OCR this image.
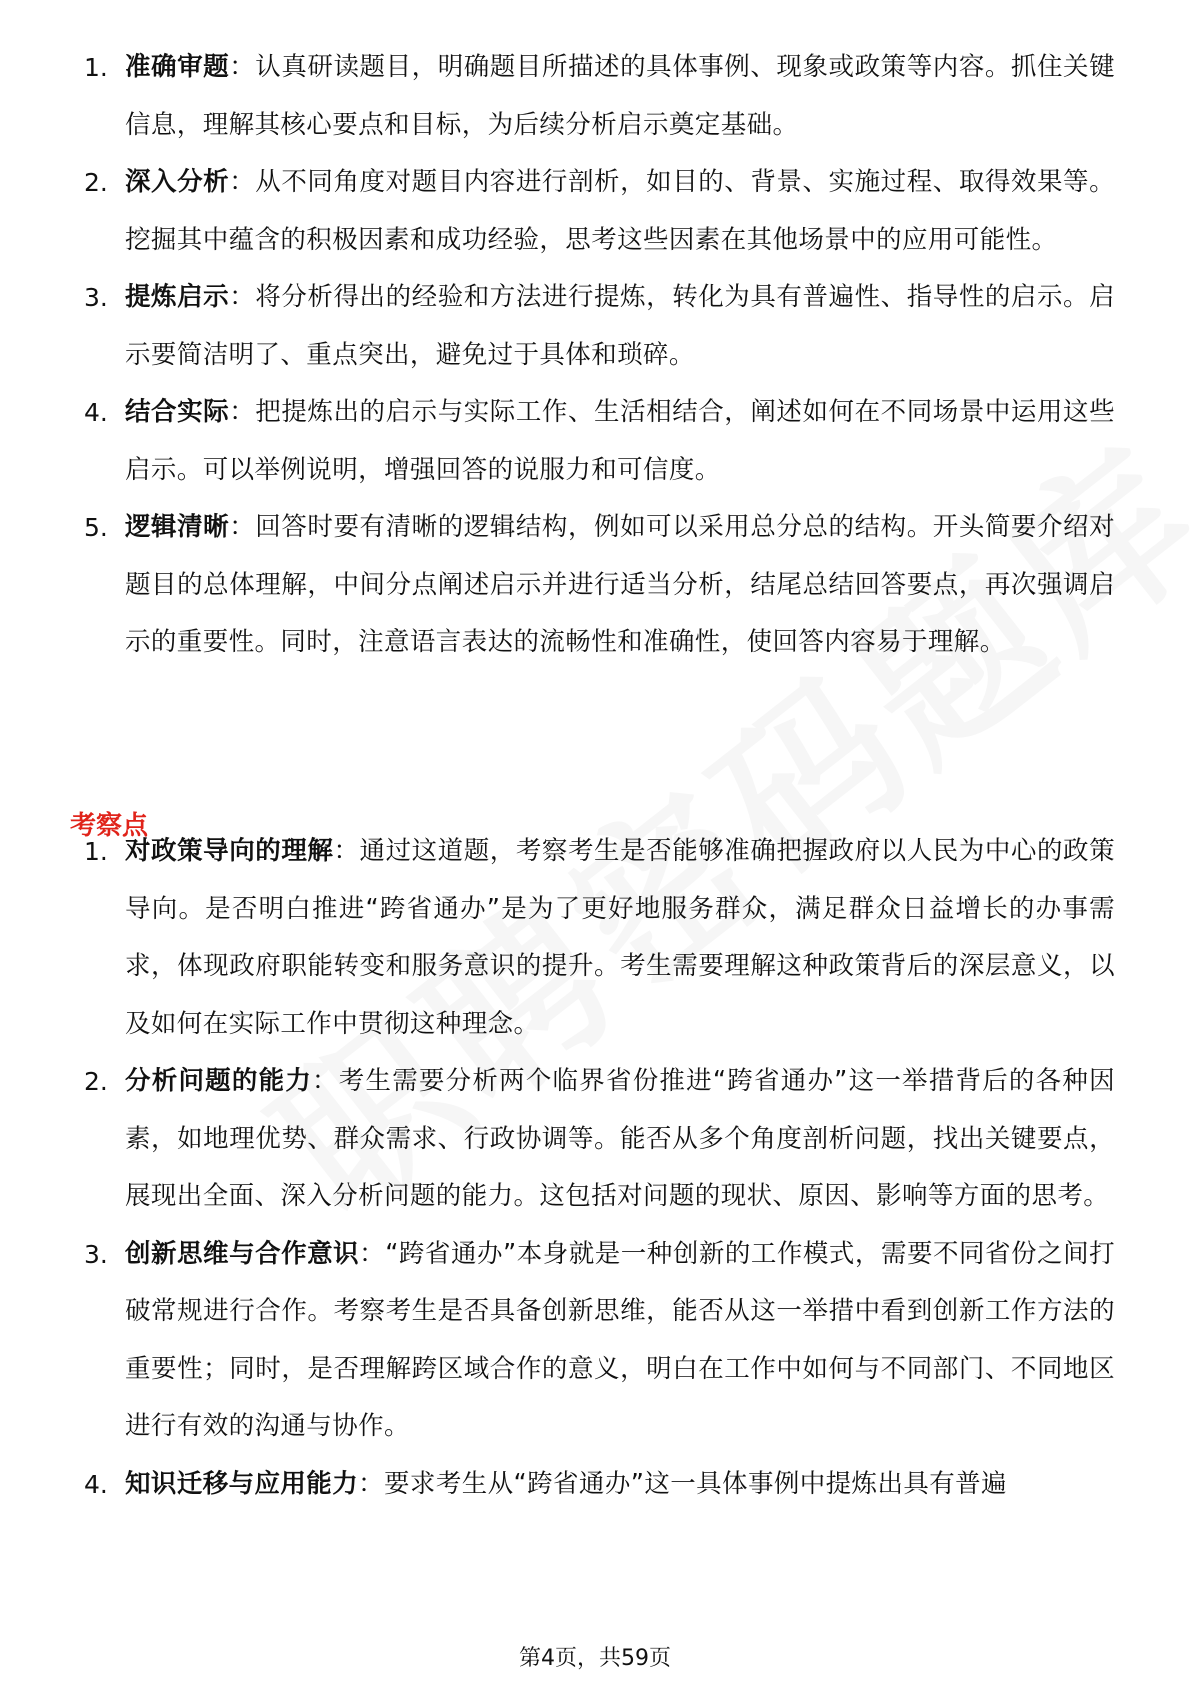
1. 准确审题：认真研读题目，明确题目所描述的具体事例、现象或政策等内容。抓住关键信息，理解其核心要点和目标，为后续分析启示奠定基础。
2. 深入分析：从不同角度对题目内容进行剖析，如目的、背景、实施过程、取得效果等。挖掘其中蕴含的积极因素和成功经验，思考这些因素在其他场景中的应用可能性。
3. 提炼启示：将分析得出的经验和方法进行提炼，转化为具有普遍性、指导性的启示。启示要简洁明了、重点突出，避免过于具体和琐碎。
4. 结合实际：把提炼出的启示与实际工作、生活相结合，阐述如何在不同场景中运用这些启示。可以举例说明，增强回答的说服力和可信度。
5. 逻辑清晰：回答时要有清晰的逻辑结构，例如可以采用总分总的结构。开头简要介绍对题目的总体理解，中间分点阐述启示并进行适当分析，结尾总结回答要点，再次强调启示的重要性。同时，注意语言表达的流畅性和准确性，使回答内容易于理解。
考察点
1. 对政策导向的理解：通过这道题，考察考生是否能够准确把握政府以人民为中心的政策导向。是否明白推进“跨省通办”是为了更好地服务群众，满足群众日益增长的办事需求，体现政府职能转变和服务意识的提升。考生需要理解这种政策背后的深层意义，以及如何在实际工作中贯彻这种理念。
2. 分析问题的能力：考生需要分析两个临界省份推进“跨省通办”这一举措背后的各种因素，如地理优势、群众需求、行政协调等。能否从多个角度剖析问题，找出关键要点，展现出全面、深入分析问题的能力。这包括对问题的现状、原因、影响等方面的思考。
3. 创新思维与合作意识：“跨省通办”本身就是一种创新的工作模式，需要不同省份之间打破常规进行合作。考察考生是否具备创新思维，能否从这一举措中看到创新工作方法的重要性；同时，是否理解跨区域合作的意义，明白在工作中如何与不同部门、不同地区进行有效的沟通与协作。
4. 知识迁移与应用能力：要求考生从“跨省通办”这一具体事例中提炼出具有普遍
第4页，共59页
